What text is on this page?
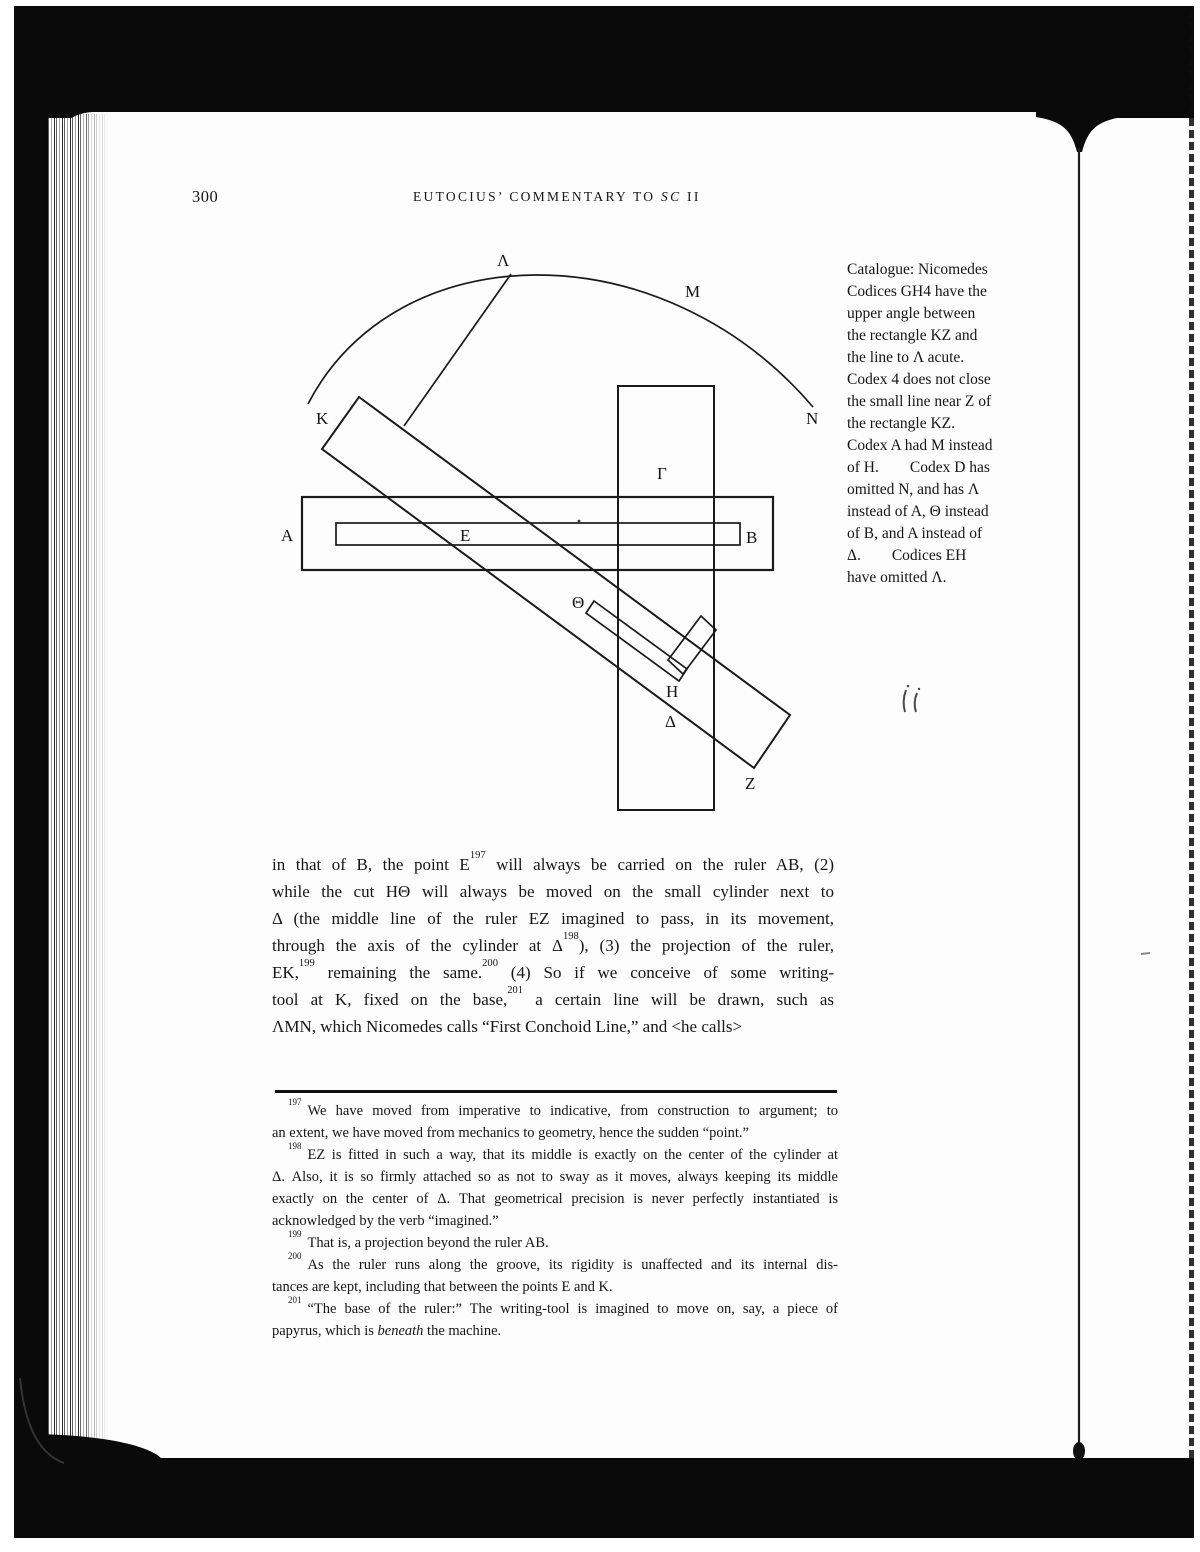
300	EUTOCIUS’ COMMENTARY TO SC II
Λ
M
K	N
Γ
A	E	B
Θ
H
Δ
Z
Catalogue: Nicomedes
Codices GH4 have the
upper angle between
the rectangle KZ and
the line to Λ acute.
Codex 4 does not close
the small line near Z of
the rectangle KZ.
Codex A had M instead
of H.        Codex D has
omitted N, and has Λ
instead of A, Θ instead
of B, and A instead of
Δ.        Codices EH
have omitted Λ.
in that of B, the point $E^{197}$ will always be carried on the ruler AB, (2)
while the cut HΘ will always be moved on the small cylinder next to
Δ (the middle line of the ruler EZ imagined to pass, in its movement,
through the axis of the cylinder at $\Delta^{198}$), (3) the projection of the ruler,
EK,$^{199}$ remaining the same.$^{200}$ (4) So if we conceive of some writing-
tool at K, fixed on the base,$^{201}$ a certain line will be drawn, such as
ΛMN, which Nicomedes calls “First Conchoid Line,” and <he calls>
$^{197}$We have moved from imperative to indicative, from construction to argument; to
an extent, we have moved from mechanics to geometry, hence the sudden “point.”
$^{198}$EZ is fitted in such a way, that its middle is exactly on the center of the cylinder at
Δ. Also, it is so firmly attached so as not to sway as it moves, always keeping its middle
exactly on the center of Δ. That geometrical precision is never perfectly instantiated is
acknowledged by the verb “imagined.”
$^{199}$That is, a projection beyond the ruler AB.
$^{200}$As the ruler runs along the groove, its rigidity is unaffected and its internal dis-
tances are kept, including that between the points E and K.
$^{201}$“The base of the ruler:” The writing-tool is imagined to move on, say, a piece of
papyrus, which is beneath the machine.
